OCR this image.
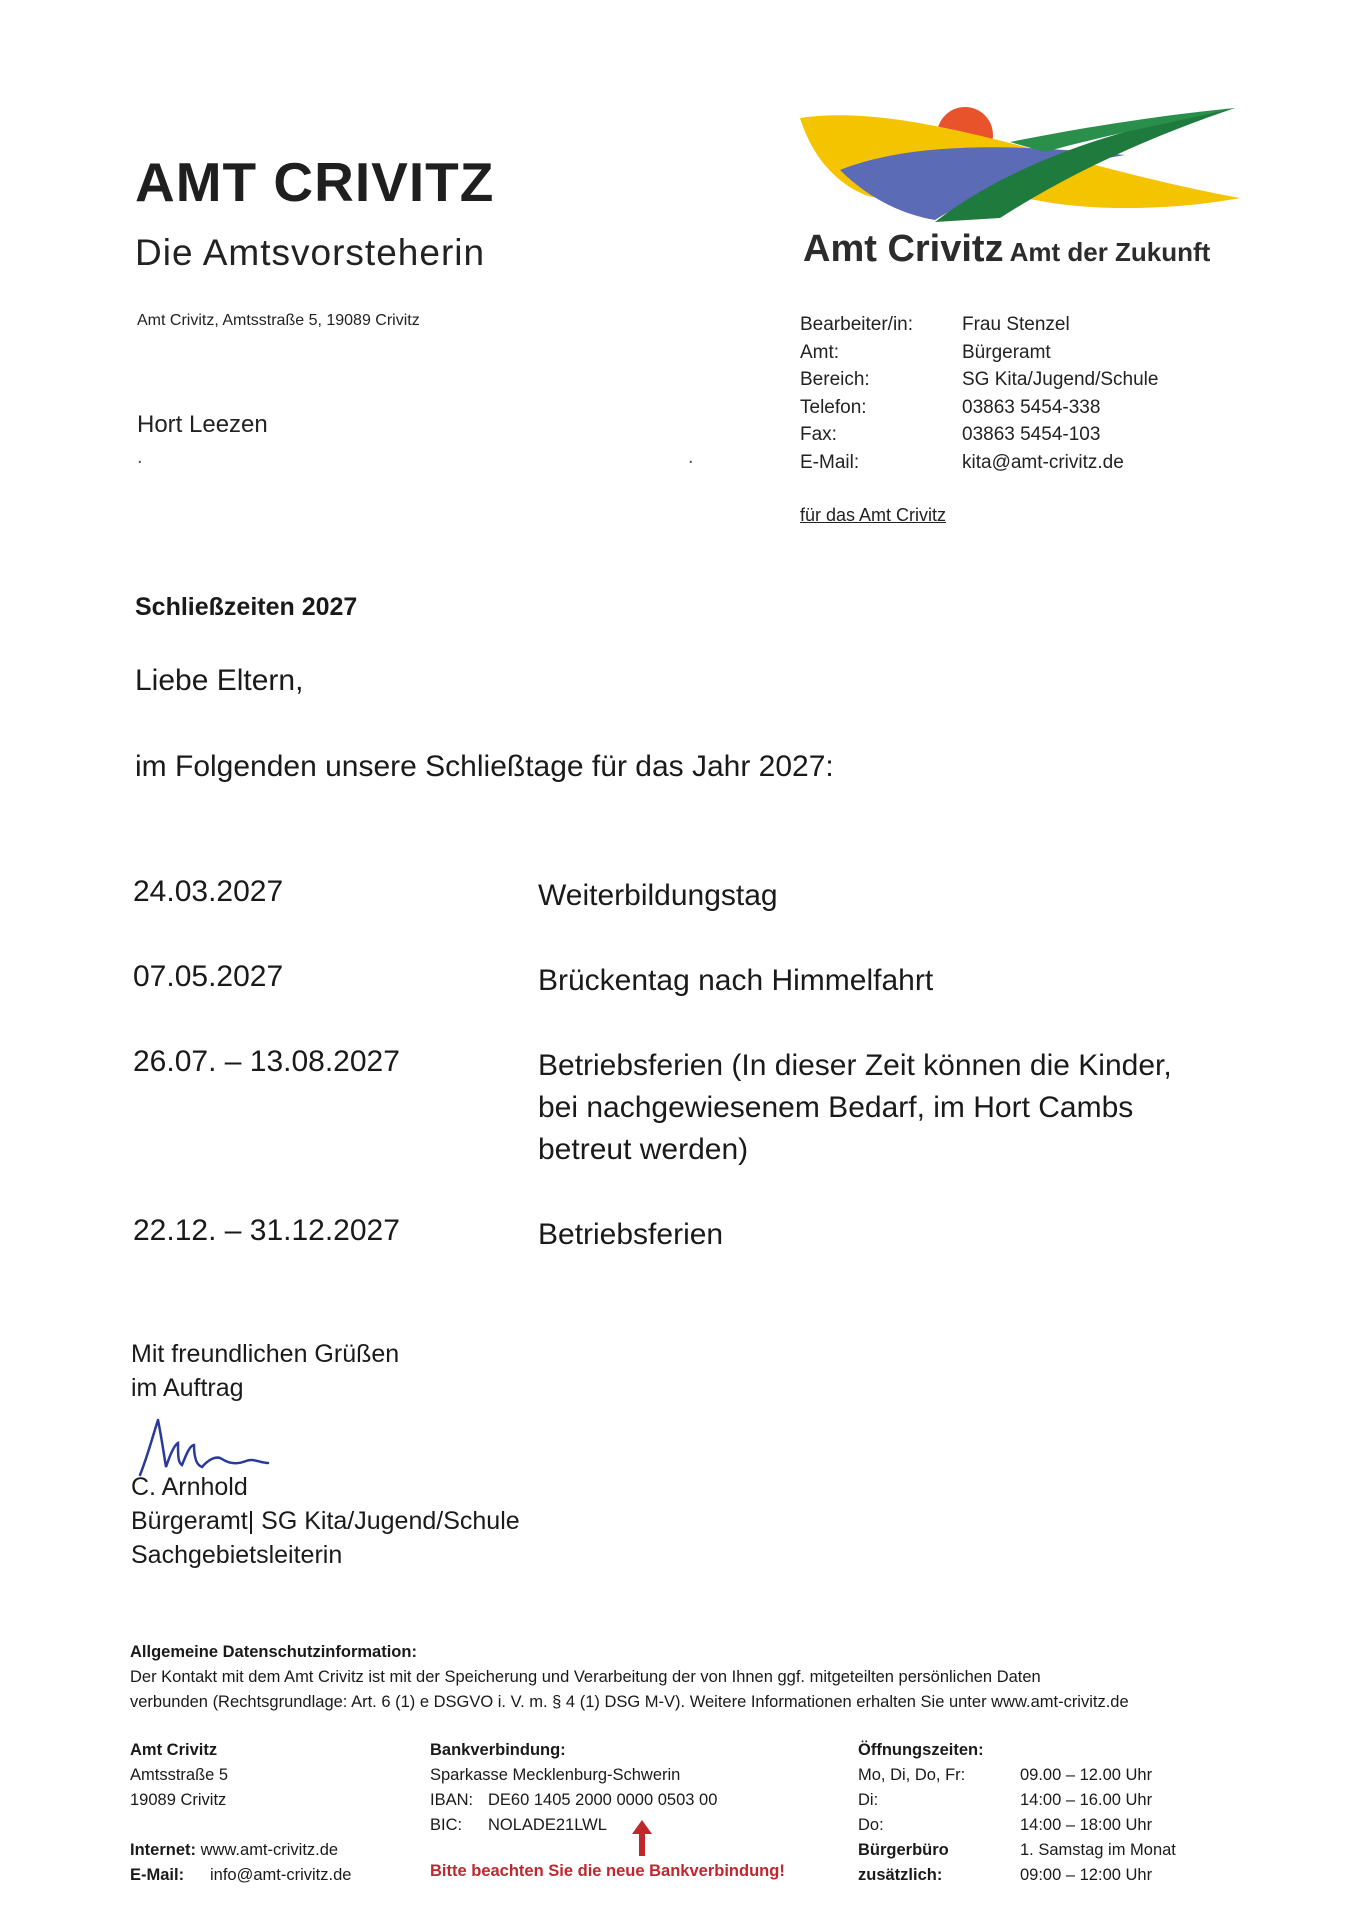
AMT CRIVITZ
Die Amtsvorsteherin
Amt Crivitz, Amtsstraße 5, 19089 Crivitz
Hort Leezen
.	.
Amt Crivitz Amt der Zukunft
Bearbeiter/in:	Frau Stenzel
Amt:	Bürgeramt
Bereich:	SG Kita/Jugend/Schule
Telefon:	03863 5454-338
Fax:	03863 5454-103
E-Mail:	kita@amt-crivitz.de
für das Amt Crivitz
Schließzeiten 2027
Liebe Eltern,
im Folgenden unsere Schließtage für das Jahr 2027:
24.03.2027	Weiterbildungstag
07.05.2027	Brückentag nach Himmelfahrt
26.07. – 13.08.2027	Betriebsferien (In dieser Zeit können die Kinder, bei nachgewiesenem Bedarf, im Hort Cambs betreut werden)
22.12. – 31.12.2027	Betriebsferien
Mit freundlichen Grüßen
im Auftrag
C. Arnhold
Bürgeramt| SG Kita/Jugend/Schule
Sachgebietsleiterin
Allgemeine Datenschutzinformation:
Der Kontakt mit dem Amt Crivitz ist mit der Speicherung und Verarbeitung der von Ihnen ggf. mitgeteilten persönlichen Daten
verbunden (Rechtsgrundlage: Art. 6 (1) e DSGVO i. V. m. § 4 (1) DSG M-V). Weitere Informationen erhalten Sie unter www.amt-crivitz.de
Amt Crivitz
Amtsstraße 5
19089 Crivitz
Internet: www.amt-crivitz.de
E-Mail: info@amt-crivitz.de
Bankverbindung:
Sparkasse Mecklenburg-Schwerin
IBAN: DE60 1405 2000 0000 0503 00
BIC: NOLADE21LWL
Bitte beachten Sie die neue Bankverbindung!
Öffnungszeiten:
Mo, Di, Do, Fr:	09.00 – 12.00 Uhr
Di:	14:00 – 16.00 Uhr
Do:	14:00 – 18:00 Uhr
Bürgerbüro	1. Samstag im Monat
zusätzlich:	09:00 – 12:00 Uhr
